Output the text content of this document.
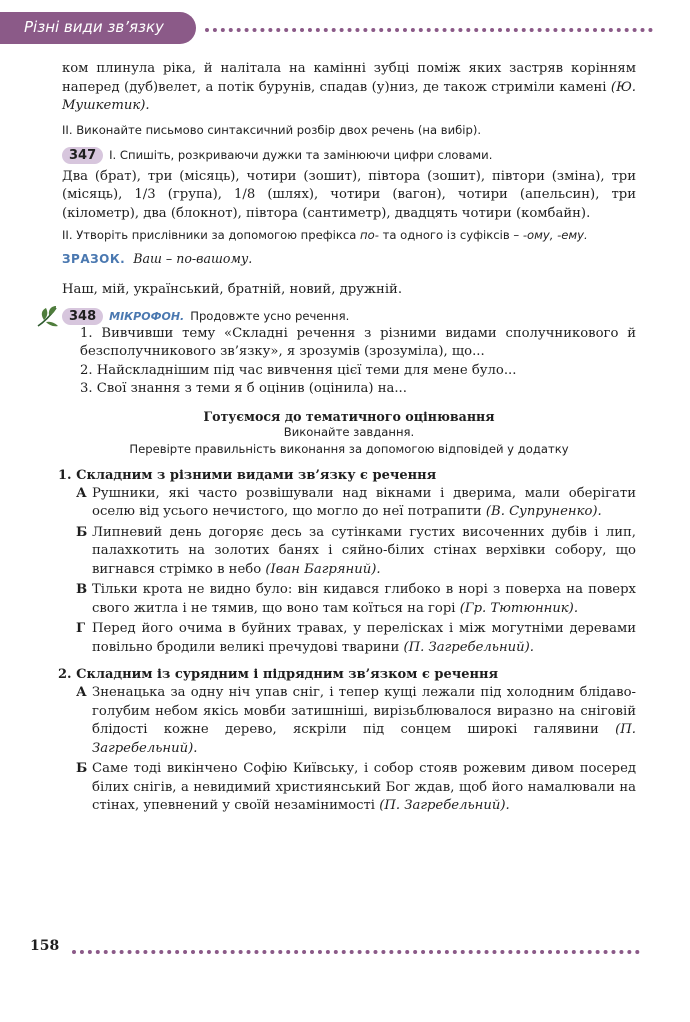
Різні види зв’язку

ком плинула ріка, й налітала на камінні зубці поміж яких застряв корінням наперед (дуб)велет, а потік бурунів, спадав (у)низ, де також стриміли камені (Ю. Мушкетик).

II. Виконайте письмово синтаксичний розбір двох речень (на вибір).

347	I. Спишіть, розкриваючи дужки та замінюючи цифри словами.

Два (брат), три (місяць), чотири (зошит), півтора (зошит), півтори (зміна), три (місяць), 1/3 (група), 1/8 (шлях), чотири (вагон), чотири (апельсин), три (кілометр), два (блокнот), півтора (сантиметр), двадцять чотири (комбайн).

II. Утворіть прислівники за допомогою префікса по- та одного із суфіксів – -ому, -ему.

ЗРАЗОК. Ваш – по-вашому.

Наш, мій, український, братній, новий, дружній.

348	МІКРОФОН. Продовжте усно речення.

1. Вивчивши тему «Складні речення з різними видами сполучникового й безсполучникового зв’язку», я зрозумів (зрозуміла), що...

2. Найскладнішим під час вивчення цієї теми для мене було...

3. Свої знання з теми я б оцінив (оцінила) на...

Готуємося до тематичного оцінювання

Виконайте завдання.

Перевірте правильність виконання за допомогою відповідей у додатку

1. Складним з різними видами зв’язку є речення
А Рушники, які часто розвішували над вікнами і дверима, мали оберігати оселю від усього нечистого, що могло до неї потрапити (В. Супруненко).
Б Липневий день догоряє десь за сутінками густих височенних дубів і лип, палахкотить на золотих банях і сяйно-білих стінах верхівки собору, що вигнався стрімко в небо (Іван Багряний).
В Тільки крота не видно було: він кидався глибоко в норі з поверха на поверх свого житла і не тямив, що воно там коїться на горі (Гр. Тютюнник).
Г Перед його очима в буйних травах, у перелісках і між могутніми деревами повільно бродили великі пречудові тварини (П. Загребельний).
2. Складним із сурядним і підрядним зв’язком є речення
А Зненацька за одну ніч упав сніг, і тепер кущі лежали під холодним блідаво-голубим небом якісь мовби затишніші, вирізьблювалося виразно на сніговій блідості кожне дерево, яскріли під сонцем широкі галявини (П. Загребельний).
Б Саме тоді викінчено Софію Київську, і собор стояв рожевим дивом посеред білих снігів, а невидимий християнський Бог ждав, щоб його намалювали на стінах, упевнений у своїй незамінимості (П. Загребельний).
158
